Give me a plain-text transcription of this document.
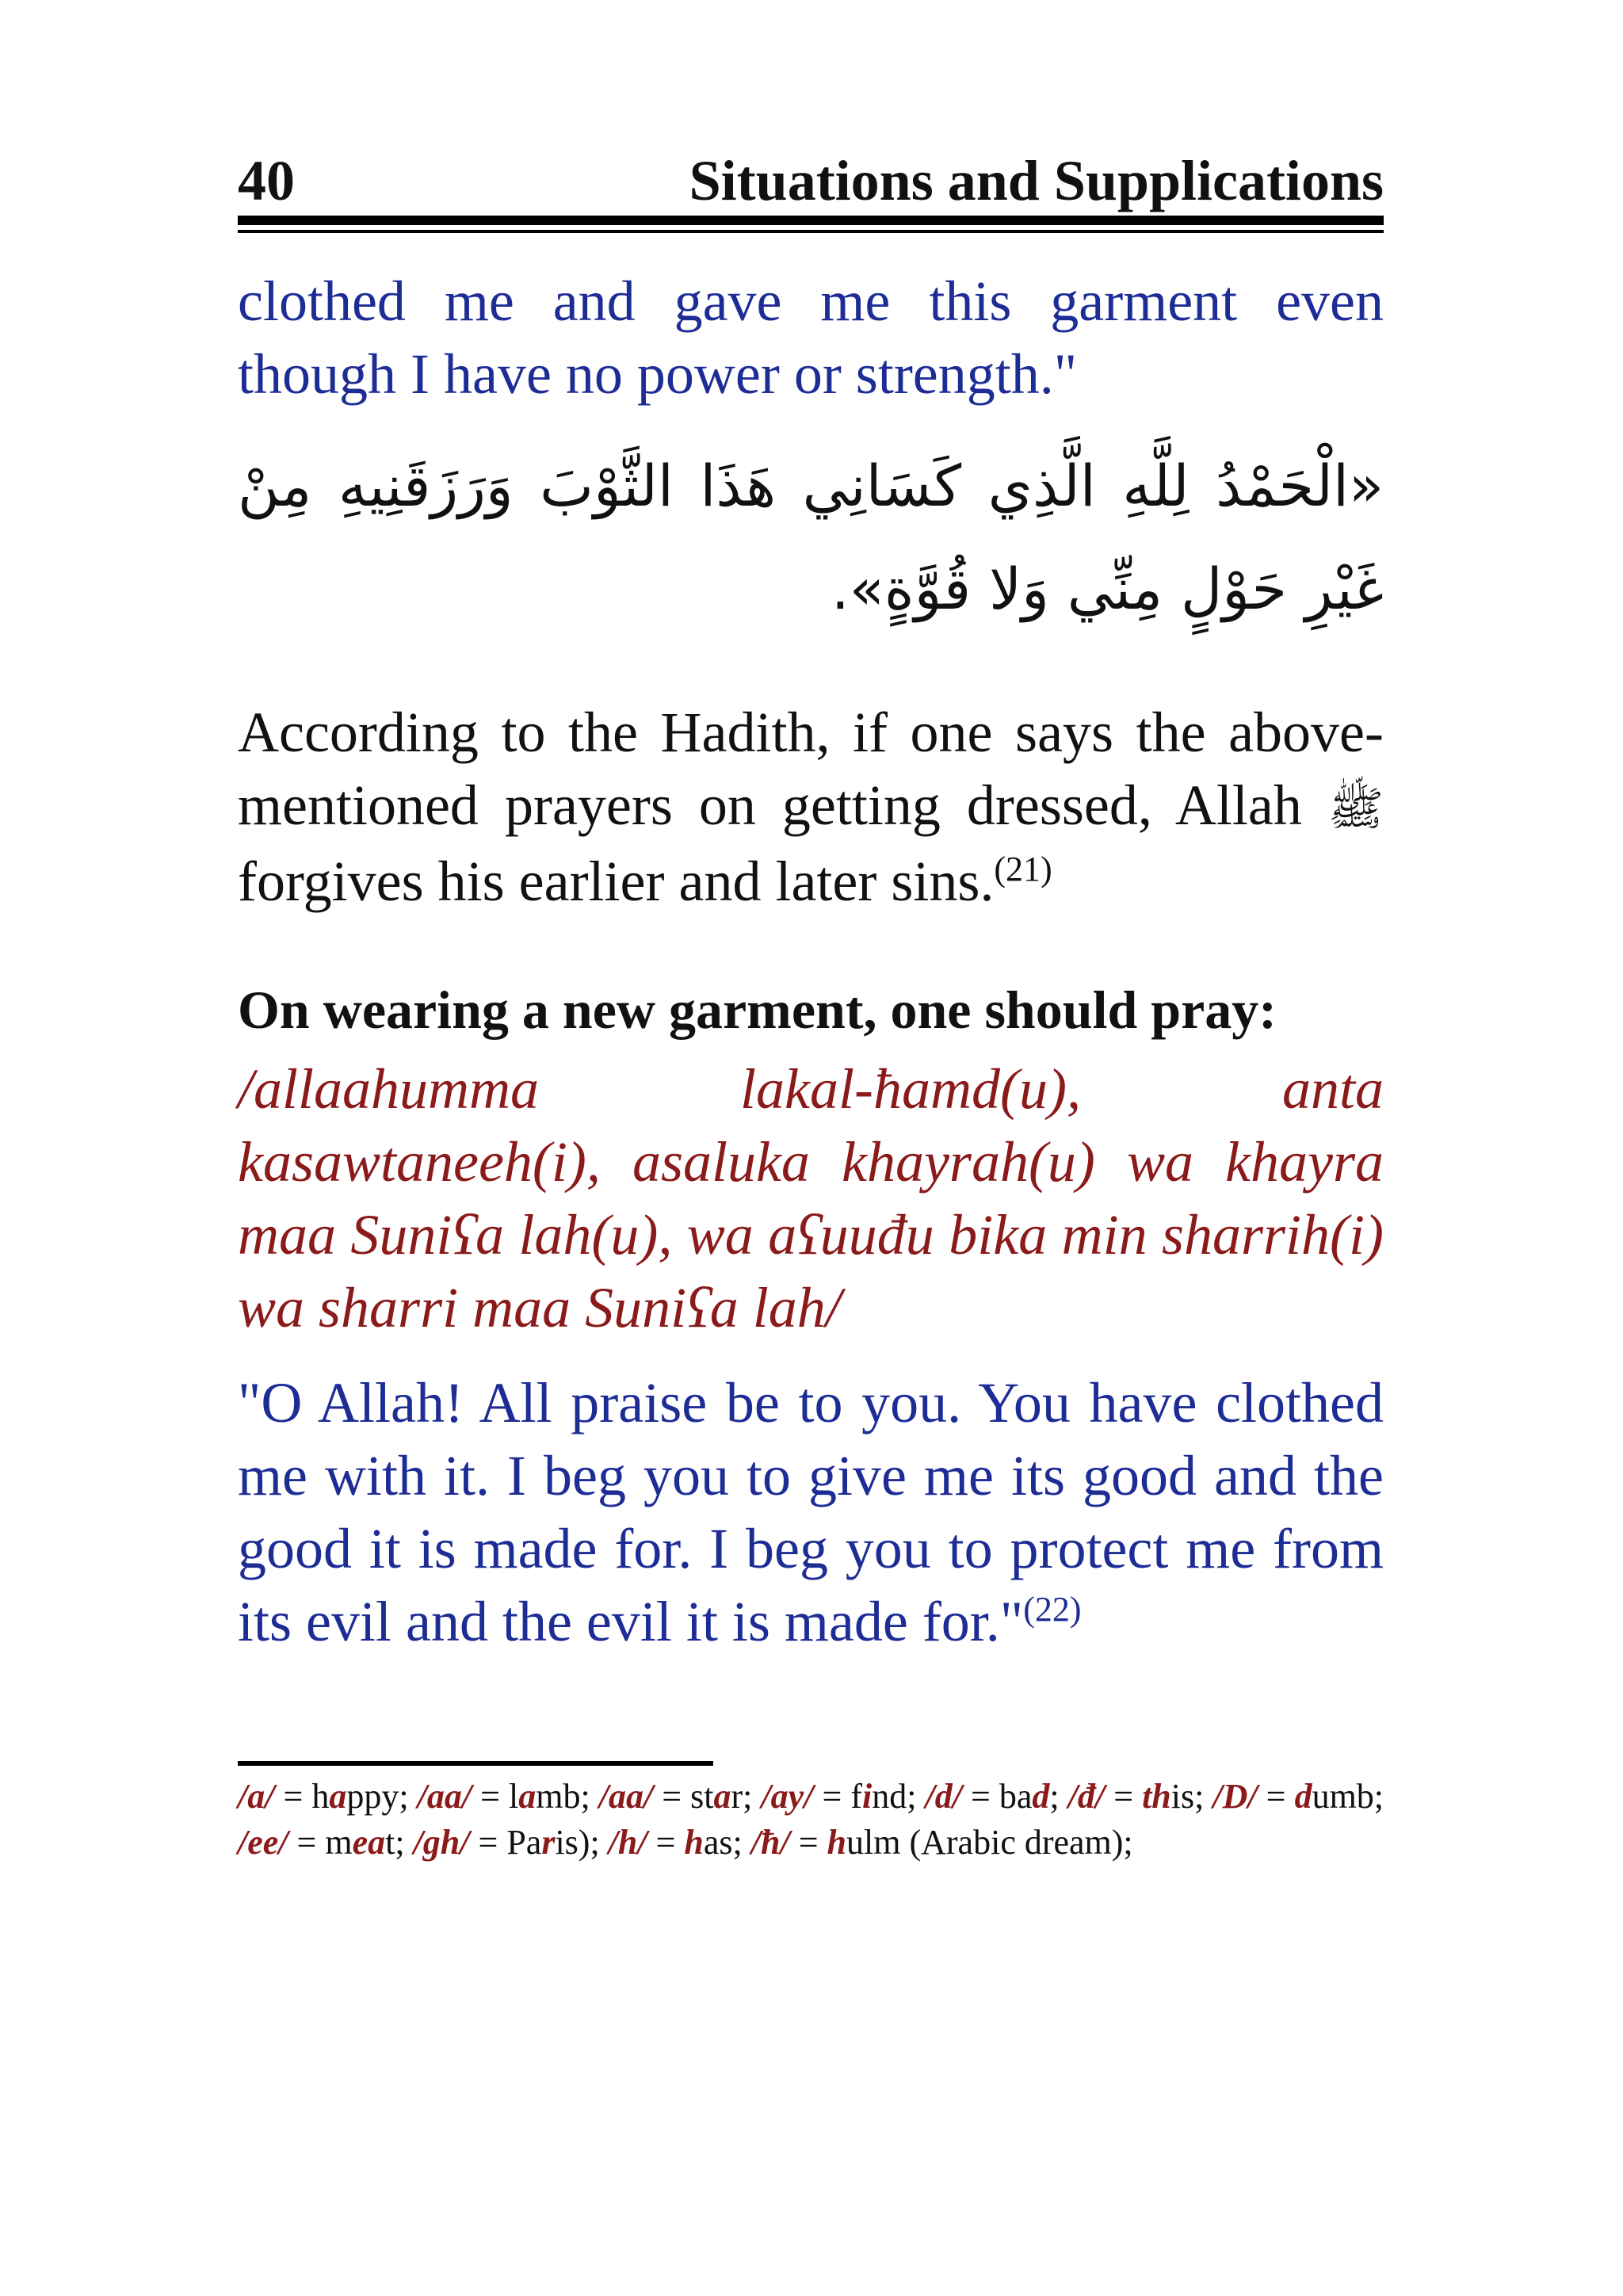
40	Situations and Supplications

clothed me and gave me this garment even though I have no power or strength."

«الْحَمْدُ لِلَّهِ الَّذِي كَسَانِي هَذَا الثَّوْبَ وَرَزَقَنِيهِ مِنْ غَيْرِ حَوْلٍ مِنِّي وَلا قُوَّةٍ».

According to the Hadith, if one says the above-mentioned prayers on getting dressed, Allah ﷺ forgives his earlier and later sins.$^{(21)}$

On wearing a new garment, one should pray:

/allaahumma lakal-ħamd(u), anta kasawtaneeh(i), asaluka khayrah(u) wa khayra maa Suniʕa lah(u), wa aʕuuđu bika min sharrih(i) wa sharri maa Suniʕa lah/

"O Allah! All praise be to you. You have clothed me with it. I beg you to give me its good and the good it is made for. I beg you to protect me from its evil and the evil it is made for."$^{(22)}$

/a/ = happy; /aa/ = lamb; /aa/ = star; /ay/ = find; /d/ = bad; /đ/ = this; /D/ = dumb; /ee/ = meat; /gh/ = Paris); /h/ = has; /ħ/ = hulm (Arabic dream);
